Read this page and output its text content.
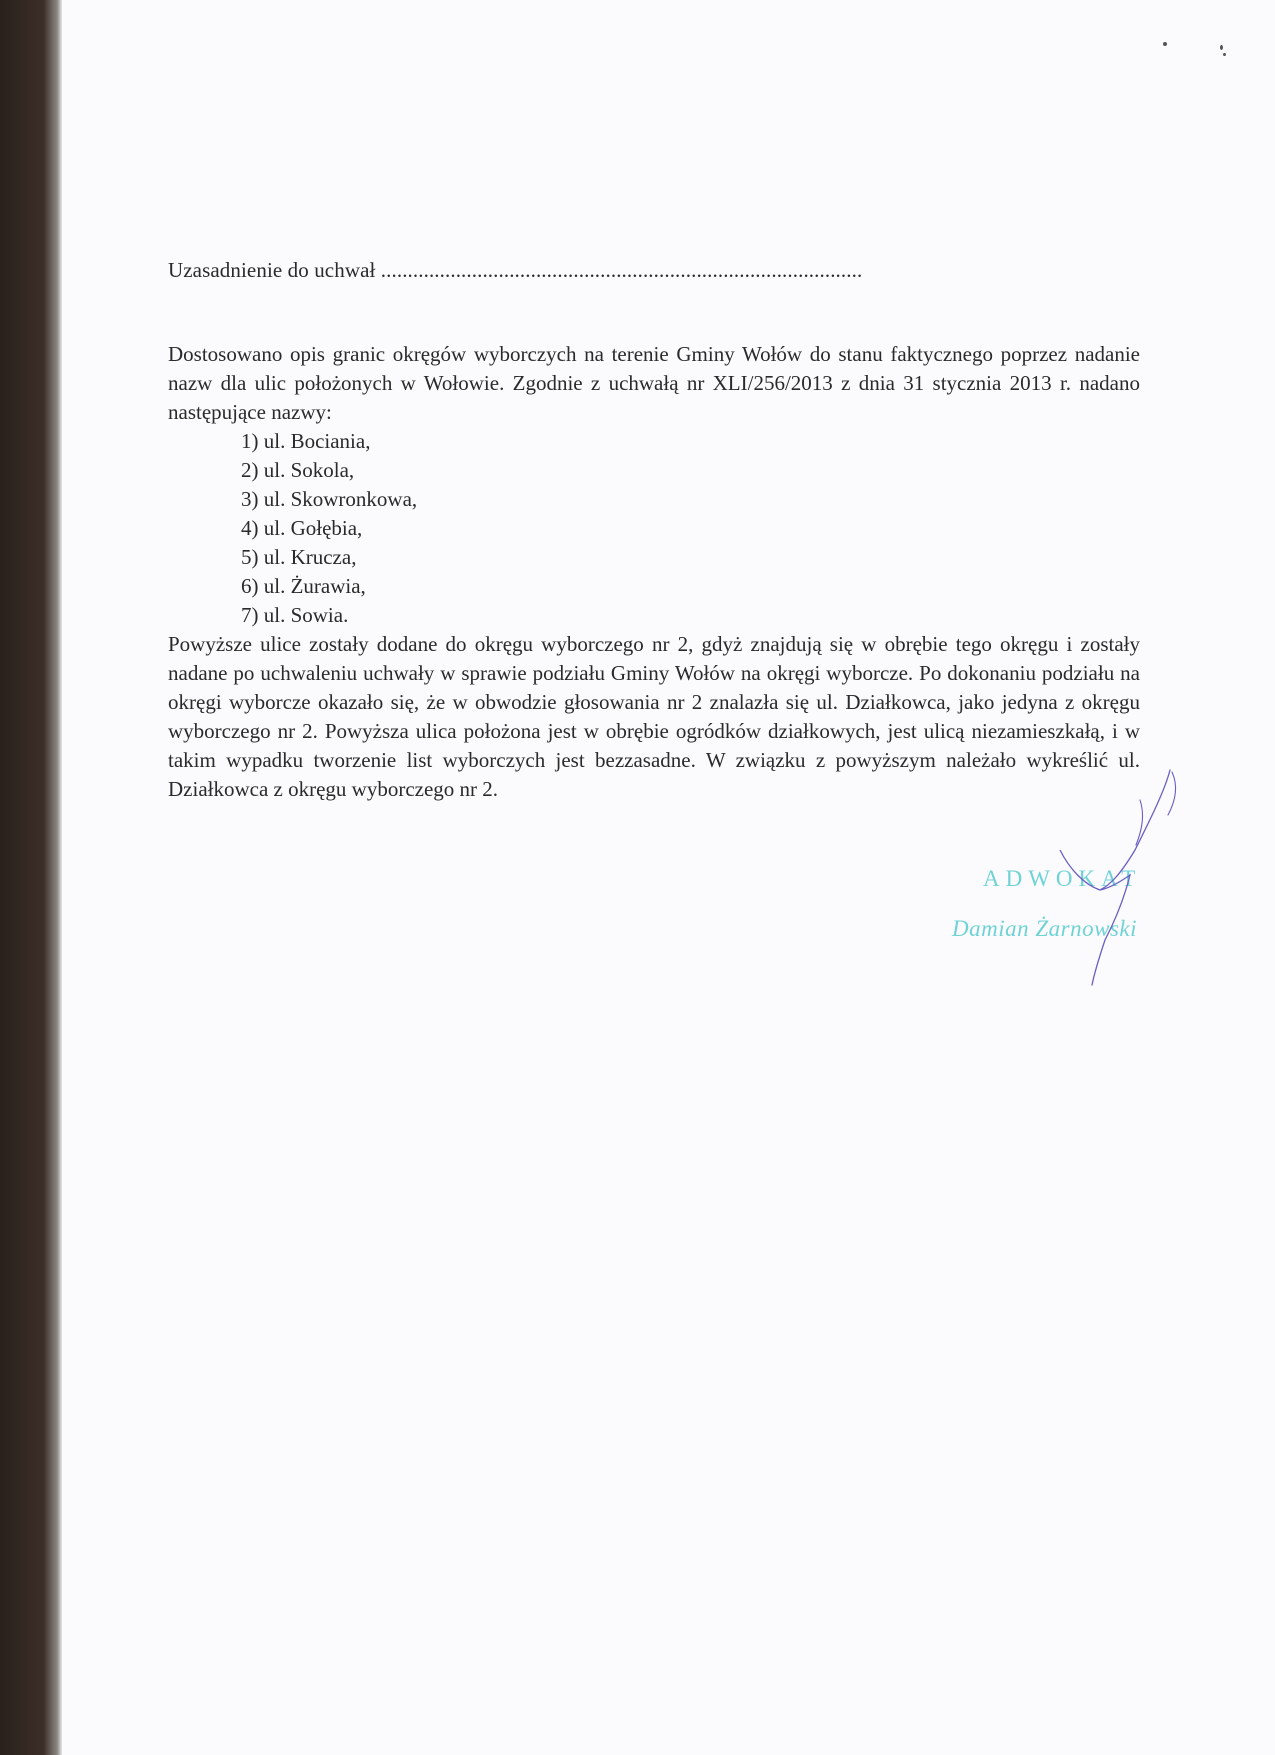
Uzasadnienie do uchwał ..........................................................................................

Dostosowano opis granic okręgów wyborczych na terenie Gminy Wołów do stanu faktycznego poprzez nadanie nazw dla ulic położonych w Wołowie. Zgodnie z uchwałą nr XLI/256/2013 z dnia 31 stycznia 2013 r. nadano następujące nazwy:

1) ul. Bociania,
2) ul. Sokola,
3) ul. Skowronkowa,
4) ul. Gołębia,
5) ul. Krucza,
6) ul. Żurawia,
7) ul. Sowia.

Powyższe ulice zostały dodane do okręgu wyborczego nr 2, gdyż znajdują się w obrębie tego okręgu i zostały nadane po uchwaleniu uchwały w sprawie podziału Gminy Wołów na okręgi wyborcze. Po dokonaniu podziału na okręgi wyborcze okazało się, że w obwodzie głosowania nr 2 znalazła się ul. Działkowca, jako jedyna z okręgu wyborczego nr 2. Powyższa ulica położona jest w obrębie ogródków działkowych, jest ulicą niezamieszkałą, i w takim wypadku tworzenie list wyborczych jest bezzasadne. W związku z powyższym należało wykreślić ul. Działkowca z okręgu wyborczego nr 2.

ADWOKAT
Damian Żarnowski
